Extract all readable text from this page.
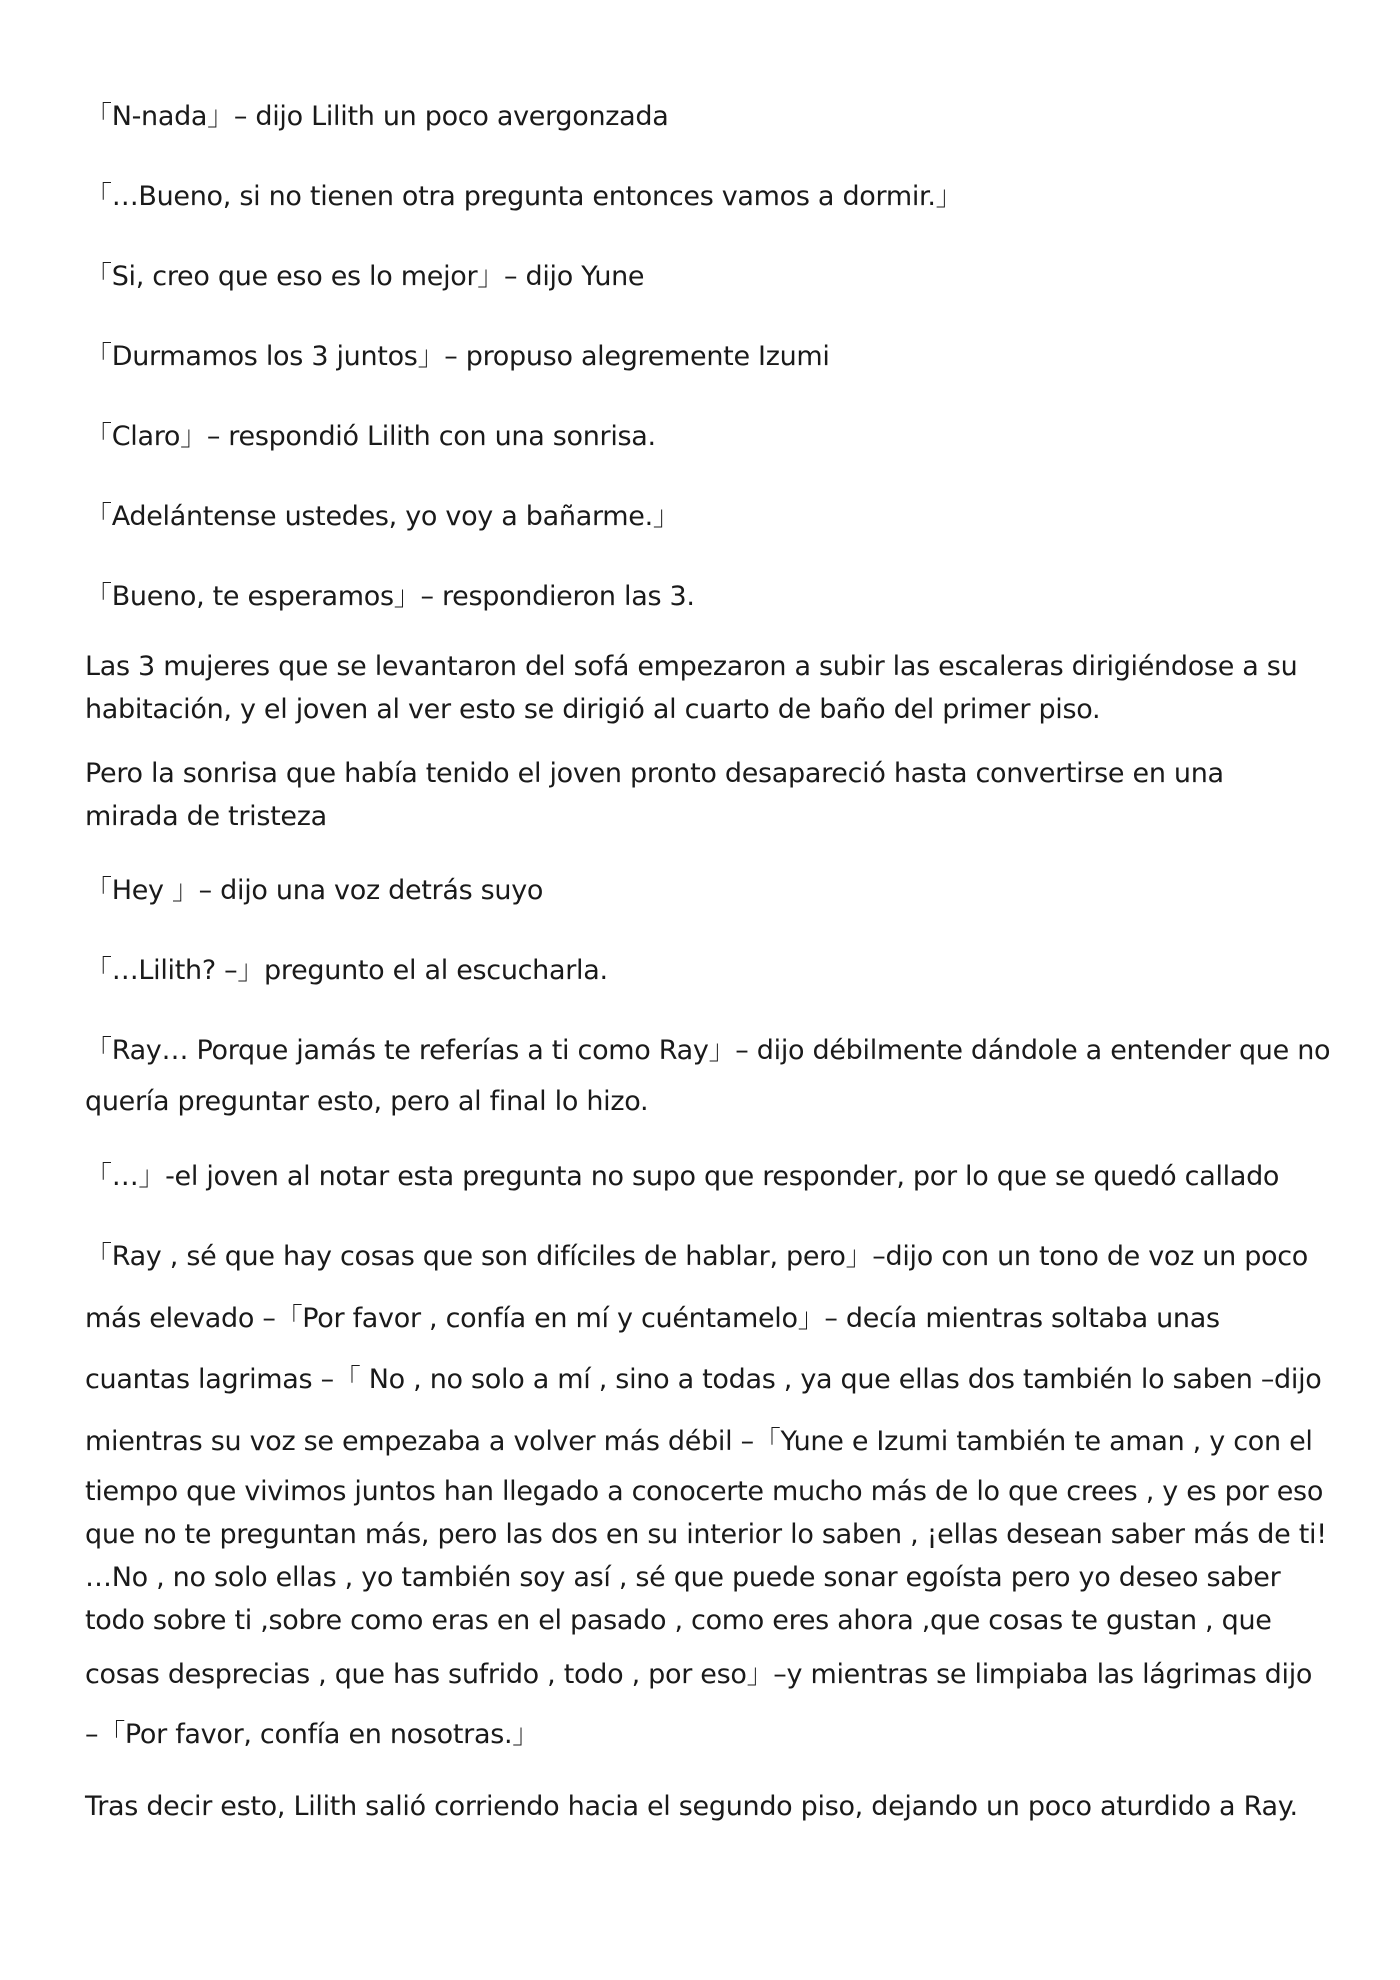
「N-nada」– dijo Lilith un poco avergonzada
「…Bueno, si no tienen otra pregunta entonces vamos a dormir.」
「Si, creo que eso es lo mejor」– dijo Yune
「Durmamos los 3 juntos」– propuso alegremente Izumi
「Claro」– respondió Lilith con una sonrisa.
「Adelántense ustedes, yo voy a bañarme.」
「Bueno, te esperamos」– respondieron las 3.
Las 3 mujeres que se levantaron del sofá empezaron a subir las escaleras dirigiéndose a su
habitación, y el joven al ver esto se dirigió al cuarto de baño del primer piso.
Pero la sonrisa que había tenido el joven pronto desapareció hasta convertirse en una
mirada de tristeza
「Hey 」– dijo una voz detrás suyo
「…Lilith? –」pregunto el al escucharla.
「Ray… Porque jamás te referías a ti como Ray」– dijo débilmente dándole a entender que no
quería preguntar esto, pero al final lo hizo.
「…」-el joven al notar esta pregunta no supo que responder, por lo que se quedó callado
「Ray , sé que hay cosas que son difíciles de hablar, pero」–dijo con un tono de voz un poco
más elevado –「Por favor , confía en mí y cuéntamelo」– decía mientras soltaba unas
cuantas lagrimas –「 No , no solo a mí , sino a todas , ya que ellas dos también lo saben –dijo
mientras su voz se empezaba a volver más débil –「Yune e Izumi también te aman , y con el
tiempo que vivimos juntos han llegado a conocerte mucho más de lo que crees , y es por eso
que no te preguntan más, pero las dos en su interior lo saben , ¡ellas desean saber más de ti!
…No , no solo ellas , yo también soy así , sé que puede sonar egoísta pero yo deseo saber
todo sobre ti ,sobre como eras en el pasado , como eres ahora ,que cosas te gustan , que
cosas desprecias , que has sufrido , todo , por eso」–y mientras se limpiaba las lágrimas dijo
–「Por favor, confía en nosotras.」
Tras decir esto, Lilith salió corriendo hacia el segundo piso, dejando un poco aturdido a Ray.
